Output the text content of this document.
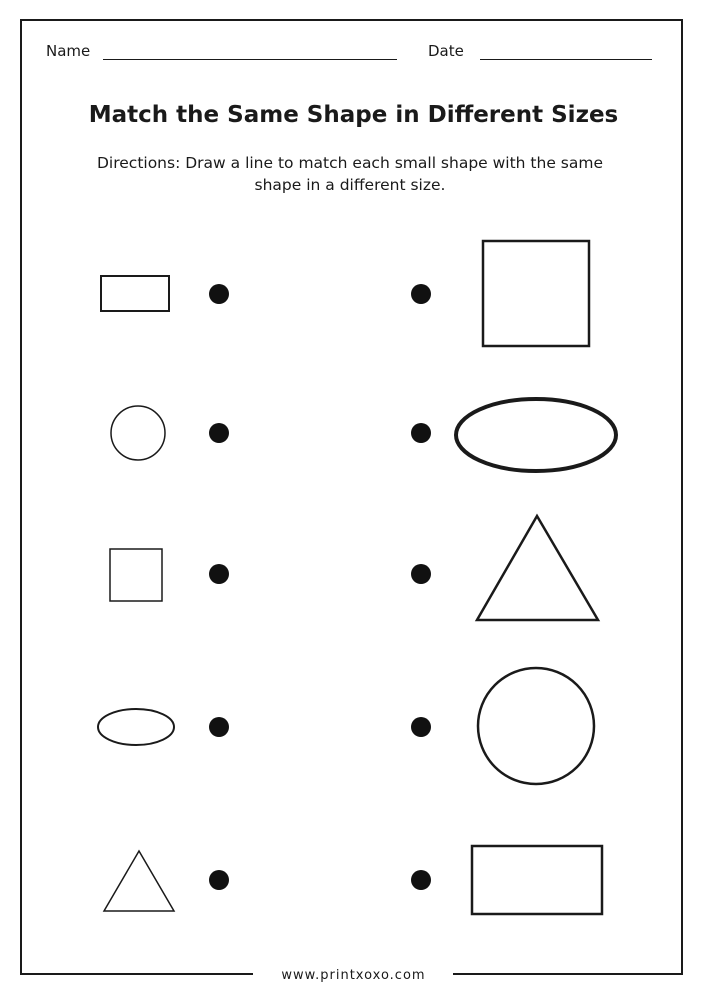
Name	Date
Match the Same Shape in Different Sizes
Directions: Draw a line to match each small shape with the same shape in a different size.
www.printxoxo.com
